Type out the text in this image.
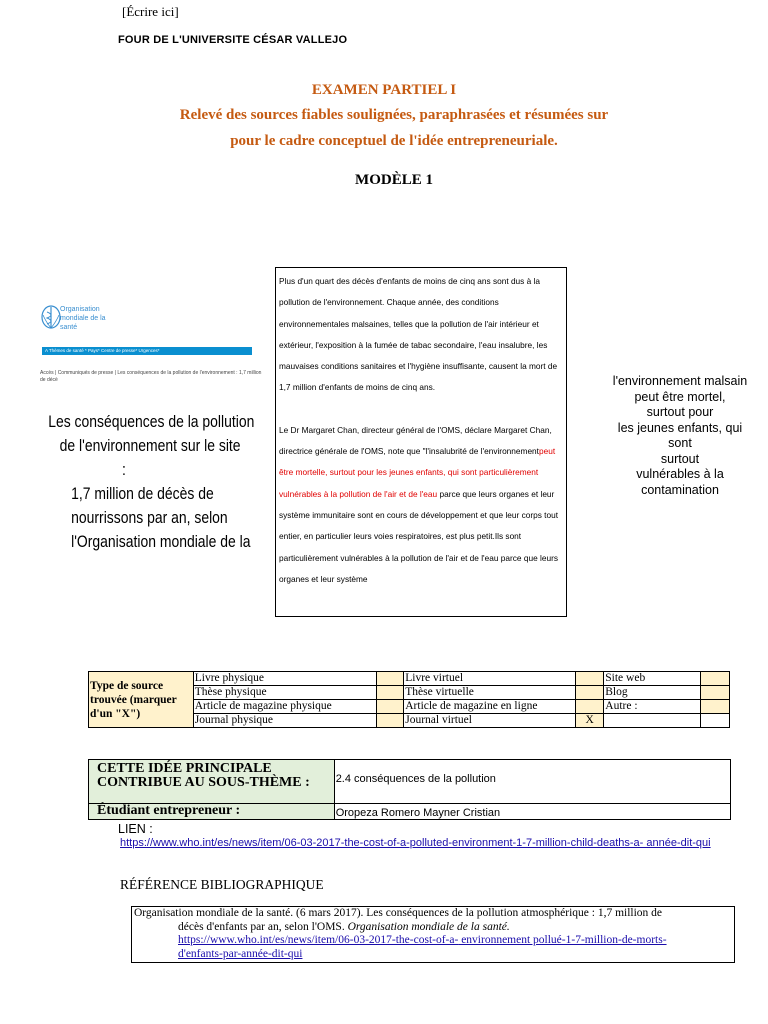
[Écrire ici]
FOUR DE L'UNIVERSITE CÉSAR VALLEJO
EXAMEN PARTIEL I
Relevé des sources fiables soulignées, paraphrasées et résumées sur
pour le cadre conceptuel de l'idée entrepreneuriale.
MODÈLE 1
Organisation mondiale de la santé
A Thèmes de santé * Pays* Centre de presse* Urgences*
Accès | Communiqués de presse | Les conséquences de la pollution de l'environnement : 1,7 million de décè
Les conséquences de la pollution
de l'environnement sur le site
:
1,7 million de décès de
nourrissons par an, selon
l'Organisation mondiale de la
Plus d'un quart des décès d'enfants de moins de cinq ans sont dus à la pollution de l'environnement. Chaque année, des conditions environnementales malsaines, telles que la pollution de l'air intérieur et extérieur, l'exposition à la fumée de tabac secondaire, l'eau insalubre, les mauvaises conditions sanitaires et l'hygiène insuffisante, causent la mort de 1,7 million d'enfants de moins de cinq ans.
Le Dr Margaret Chan, directeur général de l'OMS, déclare Margaret Chan, directrice générale de l'OMS, note que "l'insalubrité de l'environnementpeut être mortelle, surtout pour les jeunes enfants, qui sont particulièrement vulnérables à la pollution de l'air et de l'eau parce que leurs organes et leur système immunitaire sont en cours de développement et que leur corps tout entier, en particulier leurs voies respiratoires, est plus petit.Ils sont particulièrement vulnérables à la pollution de l'air et de l'eau parce que leurs organes et leur système
l'environnement malsain
peut être mortel,
surtout pour
les jeunes enfants, qui
sont
surtout
vulnérables à la
contamination
Type de source trouvée (marquer d'un "X")	Livre physique		Livre virtuel		Site web	
	Thèse physique		Thèse virtuelle		Blog	
	Article de magazine physique		Article de magazine en ligne		Autre :	
	Journal physique		Journal virtuel	X		
CETTE IDÉE PRINCIPALE CONTRIBUE AU SOUS-THÈME :	2.4 conséquences de la pollution
Étudiant entrepreneur :	Oropeza Romero Mayner Cristian
LIEN :
https://www.who.int/es/news/item/06-03-2017-the-cost-of-a-polluted-environment-1-7-million-child-deaths-a- année-dit-qui
RÉFÉRENCE BIBLIOGRAPHIQUE
Organisation mondiale de la santé. (6 mars 2017). Les conséquences de la pollution atmosphérique : 1,7 million de
décès d'enfants par an, selon l'OMS. Organisation mondiale de la santé.
https://www.who.int/es/news/item/06-03-2017-the-cost-of-a- environnement pollué-1-7-million-de-morts-
d'enfants-par-année-dit-qui
